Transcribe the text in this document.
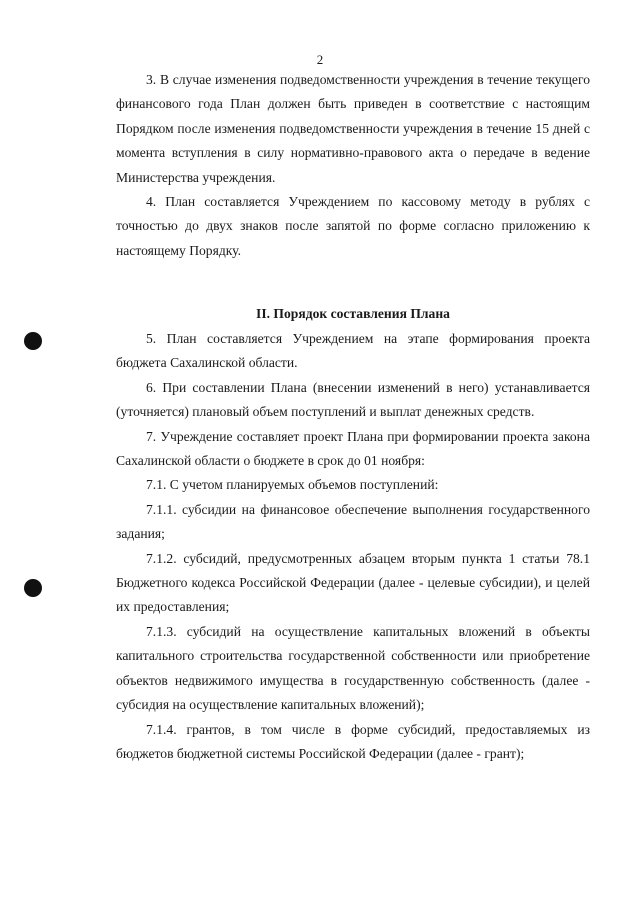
2

3. В случае изменения подведомственности учреждения в течение текущего финансового года План должен быть приведен в соответствие с настоящим Порядком после изменения подведомственности учреждения в течение 15 дней с момента вступления в силу нормативно-правового акта о передаче в ведение Министерства учреждения.

4. План составляется Учреждением по кассовому методу в рублях с точностью до двух знаков после запятой по форме согласно приложению к настоящему Порядку.

II. Порядок составления Плана

5. План составляется Учреждением на этапе формирования проекта бюджета Сахалинской области.

6. При составлении Плана (внесении изменений в него) устанавливается (уточняется) плановый объем поступлений и выплат денежных средств.

7. Учреждение составляет проект Плана при формировании проекта закона Сахалинской области о бюджете в срок до 01 ноября:

7.1. С учетом планируемых объемов поступлений:

7.1.1. субсидии на финансовое обеспечение выполнения государственного задания;

7.1.2. субсидий, предусмотренных абзацем вторым пункта 1 статьи 78.1 Бюджетного кодекса Российской Федерации (далее - целевые субсидии), и целей их предоставления;

7.1.3. субсидий на осуществление капитальных вложений в объекты капитального строительства государственной собственности или приобретение объектов недвижимого имущества в государственную собственность (далее - субсидия на осуществление капитальных вложений);

7.1.4. грантов, в том числе в форме субсидий, предоставляемых из бюджетов бюджетной системы Российской Федерации (далее - грант);
